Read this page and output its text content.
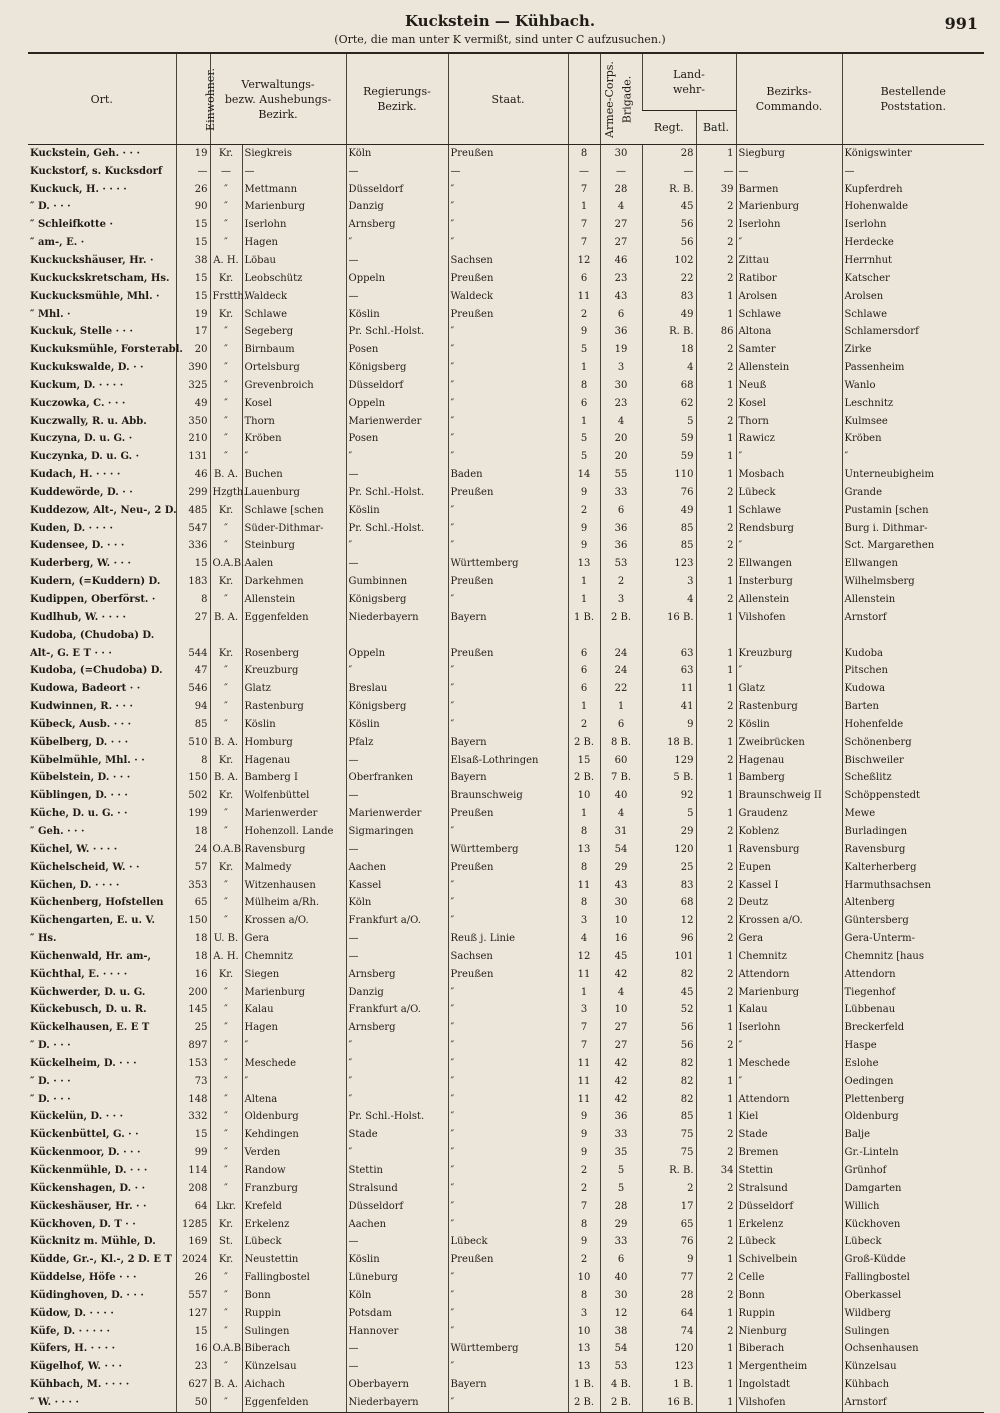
Kuckstein — Kühbach.
(Orte, die man unter K vermißt, sind unter C aufzusuchen.)
991
Ort.	Einwohner.	Verwaltungs-
bezw. Aushebungs-
Bezirk.		Regierungs-
Bezirk.	Staat.	Armee-Corps.	Brigade.	Land-
wehr-		Bezirks-
Commando.	Bestellende
Poststation.
								Regt.	Batl.		
Kuckstein, Geh. · · ·	19	Kr.	Siegkreis	Köln	Preußen	8	30	28	1	Siegburg	Königswinter
Kuckstorf, s. Kucksdorf	—	—	—	—	—	—	—	—	—	—	—
Kuckuck, H. · · · ·	26	″	Mettmann	Düsseldorf	″	7	28	R. B.	39	Barmen	Kupferdreh
″ D. · · ·	90	″	Marienburg	Danzig	″	1	4	45	2	Marienburg	Hohenwalde
″ Schleifkotte ·	15	″	Iserlohn	Arnsberg	″	7	27	56	2	Iserlohn	Iserlohn
″ am-, E. ·	15	″	Hagen	″	″	7	27	56	2	″	Herdecke
Kuckuckshäuser, Hr. ·	38	A. H.	Löbau	—	Sachsen	12	46	102	2	Zittau	Herrnhut
Kuckuckskretscham, Hs.	15	Kr.	Leobschütz	Oppeln	Preußen	6	23	22	2	Ratibor	Katscher
Kuckucksmühle, Mhl. ·	15	Frstth.	Waldeck	—	Waldeck	11	43	83	1	Arolsen	Arolsen
″ Mhl. ·	19	Kr.	Schlawe	Köslin	Preußen	2	6	49	1	Schlawe	Schlawe
Kuckuk, Stelle · · ·	17	″	Segeberg	Pr. Schl.-Holst.	″	9	36	R. B.	86	Altona	Schlamersdorf
Kuckuksmühle, Forsteтabl.	20	″	Birnbaum	Posen	″	5	19	18	2	Samter	Zirke
Kuckukswalde, D. · ·	390	″	Ortelsburg	Königsberg	″	1	3	4	2	Allenstein	Passenheim
Kuckum, D. · · · ·	325	″	Grevenbroich	Düsseldorf	″	8	30	68	1	Neuß	Wanlo
Kuczowka, C. · · ·	49	″	Kosel	Oppeln	″	6	23	62	2	Kosel	Leschnitz
Kuczwally, R. u. Abb.	350	″	Thorn	Marienwerder	″	1	4	5	2	Thorn	Kulmsee
Kuczyna, D. u. G. ·	210	″	Kröben	Posen	″	5	20	59	1	Rawicz	Kröben
Kuczynka, D. u. G. ·	131	″	″	″	″	5	20	59	1	″	″
Kudach, H. · · · ·	46	B. A.	Buchen	—	Baden	14	55	110	1	Mosbach	Unterneubigheim
Kuddewörde, D. · ·	299	Hzgth.	Lauenburg	Pr. Schl.-Holst.	Preußen	9	33	76	2	Lübeck	Grande
Kuddezow, Alt-, Neu-, 2 D.	485	Kr.	Schlawe [schen	Köslin	″	2	6	49	1	Schlawe	Pustamin [schen
Kuden, D. · · · ·	547	″	Süder-Dithmar-	Pr. Schl.-Holst.	″	9	36	85	2	Rendsburg	Burg i. Dithmar-
Kudensee, D. · · ·	336	″	Steinburg	″	″	9	36	85	2	″	Sct. Margarethen
Kuderberg, W. · · ·	15	O.A.B.	Aalen	—	Württemberg	13	53	123	2	Ellwangen	Ellwangen
Kudern, (=Kuddern) D.	183	Kr.	Darkehmen	Gumbinnen	Preußen	1	2	3	1	Insterburg	Wilhelmsberg
Kudippen, Oberförst. ·	8	″	Allenstein	Königsberg	″	1	3	4	2	Allenstein	Allenstein
Kudlhub, W. · · · ·	27	B. A.	Eggenfelden	Niederbayern	Bayern	1 B.	2 B.	16 B.	1	Vilshofen	Arnstorf
Kudoba, (Chudoba) D.											
Alt-, G. E T · · ·	544	Kr.	Rosenberg	Oppeln	Preußen	6	24	63	1	Kreuzburg	Kudoba
Kudoba, (=Chudoba) D.	47	″	Kreuzburg	″	″	6	24	63	1	″	Pitschen
Kudowa, Badeort · ·	546	″	Glatz	Breslau	″	6	22	11	1	Glatz	Kudowa
Kudwinnen, R. · · ·	94	″	Rastenburg	Königsberg	″	1	1	41	2	Rastenburg	Barten
Kübeck, Ausb. · · ·	85	″	Köslin	Köslin	″	2	6	9	2	Köslin	Hohenfelde
Kübelberg, D. · · ·	510	B. A.	Homburg	Pfalz	Bayern	2 B.	8 B.	18 B.	1	Zweibrücken	Schönenberg
Kübelmühle, Mhl. · ·	8	Kr.	Hagenau	—	Elsaß-Lothringen	15	60	129	2	Hagenau	Bischweiler
Kübelstein, D. · · ·	150	B. A.	Bamberg I	Oberfranken	Bayern	2 B.	7 B.	5 B.	1	Bamberg	Scheßlitz
Küblingen, D. · · ·	502	Kr.	Wolfenbüttel	—	Braunschweig	10	40	92	1	Braunschweig II	Schöppenstedt
Küche, D. u. G. · ·	199	″	Marienwerder	Marienwerder	Preußen	1	4	5	1	Graudenz	Mewe
″ Geh. · · ·	18	″	Hohenzoll. Lande	Sigmaringen	″	8	31	29	2	Koblenz	Burladingen
Küchel, W. · · · ·	24	O.A.B.	Ravensburg	—	Württemberg	13	54	120	1	Ravensburg	Ravensburg
Küchelscheid, W. · ·	57	Kr.	Malmedy	Aachen	Preußen	8	29	25	2	Eupen	Kalterherberg
Küchen, D. · · · ·	353	″	Witzenhausen	Kassel	″	11	43	83	2	Kassel I	Harmuthsachsen
Küchenberg, Hofstellen	65	″	Mülheim a/Rh.	Köln	″	8	30	68	2	Deutz	Altenberg
Küchengarten, E. u. V.	150	″	Krossen a/O.	Frankfurt a/O.	″	3	10	12	2	Krossen a/O.	Güntersberg
″ Hs.	18	U. B.	Gera	—	Reuß j. Linie	4	16	96	2	Gera	Gera-Unterm-
Küchenwald, Hr. am-,	18	A. H.	Chemnitz	—	Sachsen	12	45	101	1	Chemnitz	Chemnitz [haus
Küchthal, E. · · · ·	16	Kr.	Siegen	Arnsberg	Preußen	11	42	82	2	Attendorn	Attendorn
Küchwerder, D. u. G.	200	″	Marienburg	Danzig	″	1	4	45	2	Marienburg	Tiegenhof
Kückebusch, D. u. R.	145	″	Kalau	Frankfurt a/O.	″	3	10	52	1	Kalau	Lübbenau
Kückelhausen, E. E T	25	″	Hagen	Arnsberg	″	7	27	56	1	Iserlohn	Breckerfeld
″ D. · · ·	897	″	″	″	″	7	27	56	2	″	Haspe
Kückelheim, D. · · ·	153	″	Meschede	″	″	11	42	82	1	Meschede	Eslohe
″ D. · · ·	73	″	″	″	″	11	42	82	1	″	Oedingen
″ D. · · ·	148	″	Altena	″	″	11	42	82	1	Attendorn	Plettenberg
Kückelün, D. · · ·	332	″	Oldenburg	Pr. Schl.-Holst.	″	9	36	85	1	Kiel	Oldenburg
Kückenbüttel, G. · ·	15	″	Kehdingen	Stade	″	9	33	75	2	Stade	Balje
Kückenmoor, D. · · ·	99	″	Verden	″	″	9	35	75	2	Bremen	Gr.-Linteln
Kückenmühle, D. · · ·	114	″	Randow	Stettin	″	2	5	R. B.	34	Stettin	Grünhof
Kückenshagen, D. · ·	208	″	Franzburg	Stralsund	″	2	5	2	2	Stralsund	Damgarten
Kückeshäuser, Hr. · ·	64	Lkr.	Krefeld	Düsseldorf	″	7	28	17	2	Düsseldorf	Willich
Kückhoven, D. T · ·	1285	Kr.	Erkelenz	Aachen	″	8	29	65	1	Erkelenz	Kückhoven
Kücknitz m. Mühle, D.	169	St.	Lübeck	—	Lübeck	9	33	76	2	Lübeck	Lübeck
Küdde, Gr.-, Kl.-, 2 D. E T	2024	Kr.	Neustettin	Köslin	Preußen	2	6	9	1	Schivelbein	Groß-Küdde
Küddelse, Höfe · · ·	26	″	Fallingbostel	Lüneburg	″	10	40	77	2	Celle	Fallingbostel
Küdinghoven, D. · · ·	557	″	Bonn	Köln	″	8	30	28	2	Bonn	Oberkassel
Küdow, D. · · · ·	127	″	Ruppin	Potsdam	″	3	12	64	1	Ruppin	Wildberg
Küfe, D. · · · · ·	15	″	Sulingen	Hannover	″	10	38	74	2	Nienburg	Sulingen
Küfers, H. · · · ·	16	O.A.B.	Biberach	—	Württemberg	13	54	120	1	Biberach	Ochsenhausen
Kügelhof, W. · · ·	23	″	Künzelsau	—	″	13	53	123	1	Mergentheim	Künzelsau
Kühbach, M. · · · ·	627	B. A.	Aichach	Oberbayern	Bayern	1 B.	4 B.	1 B.	1	Ingolstadt	Kühbach
″ W. · · · ·	50	″	Eggenfelden	Niederbayern	″	2 B.	2 B.	16 B.	1	Vilshofen	Arnstorf
